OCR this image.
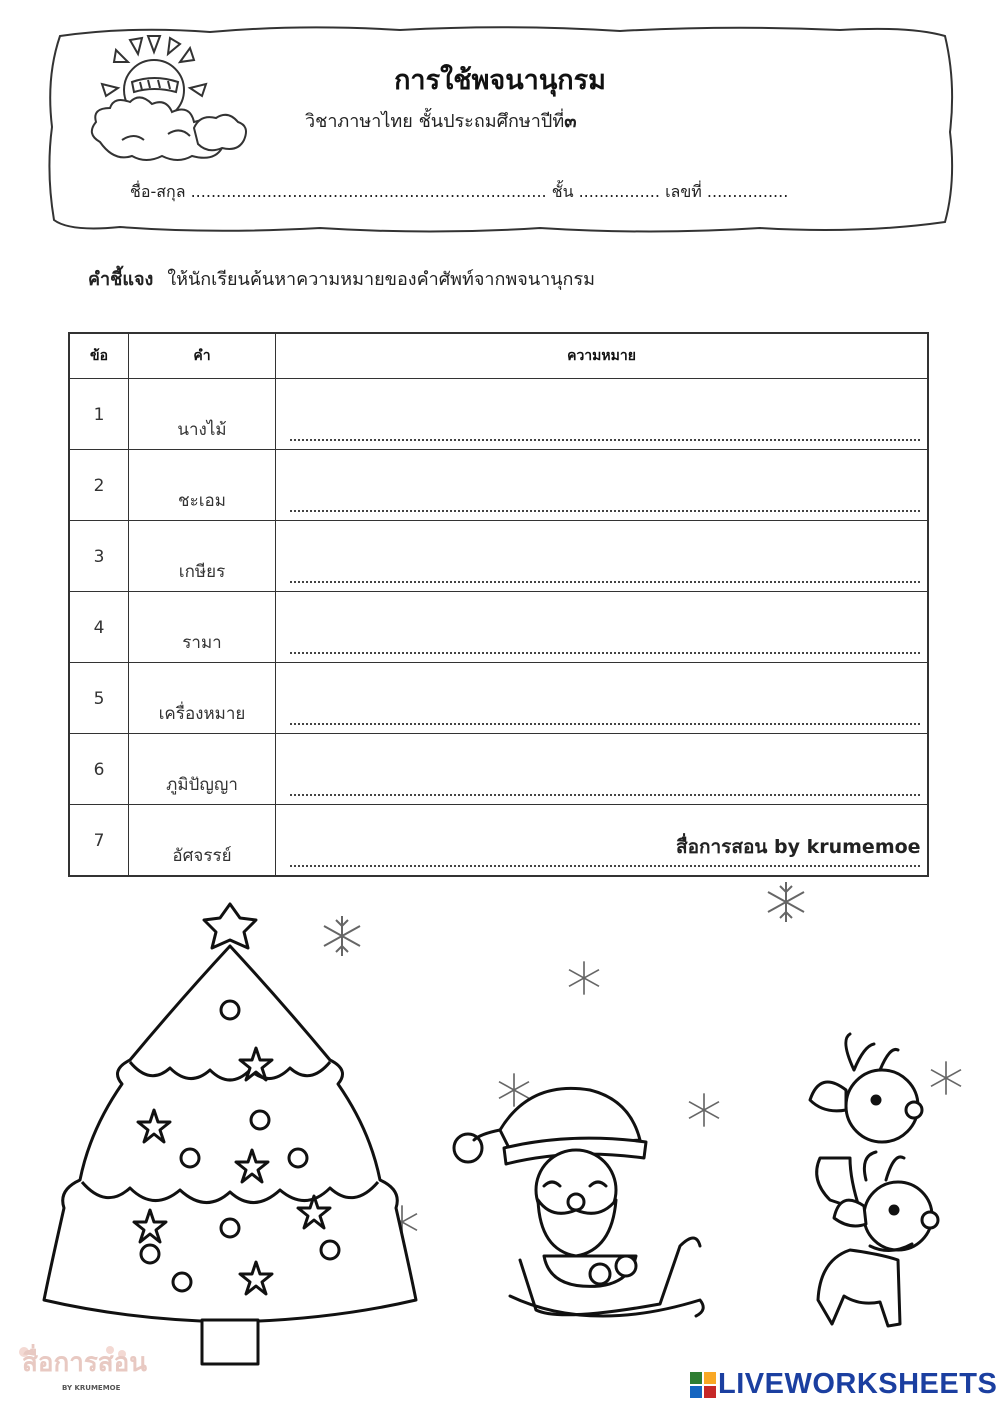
การใช้พจนานุกรม
วิชาภาษาไทย ชั้นประถมศึกษาปีที่๓
ชื่อ-สกุล ...................................................................... ชั้น ................ เลขที่ ................
คำชี้แจง ให้นักเรียนค้นหาความหมายของคำศัพท์จากพจนานุกรม
ข้อ	คำ	ความหมาย
1	นางไม้	

2	ชะเอม	

3	เกษียร	

4	รามา	

5	เครื่องหมาย	

6	ภูมิปัญญา	

7	อัศจรรย์		สื่อการสอน by krumemoe
สื่อการสอน
BY KRUMEMOE	LIVEWORKSHEETS
